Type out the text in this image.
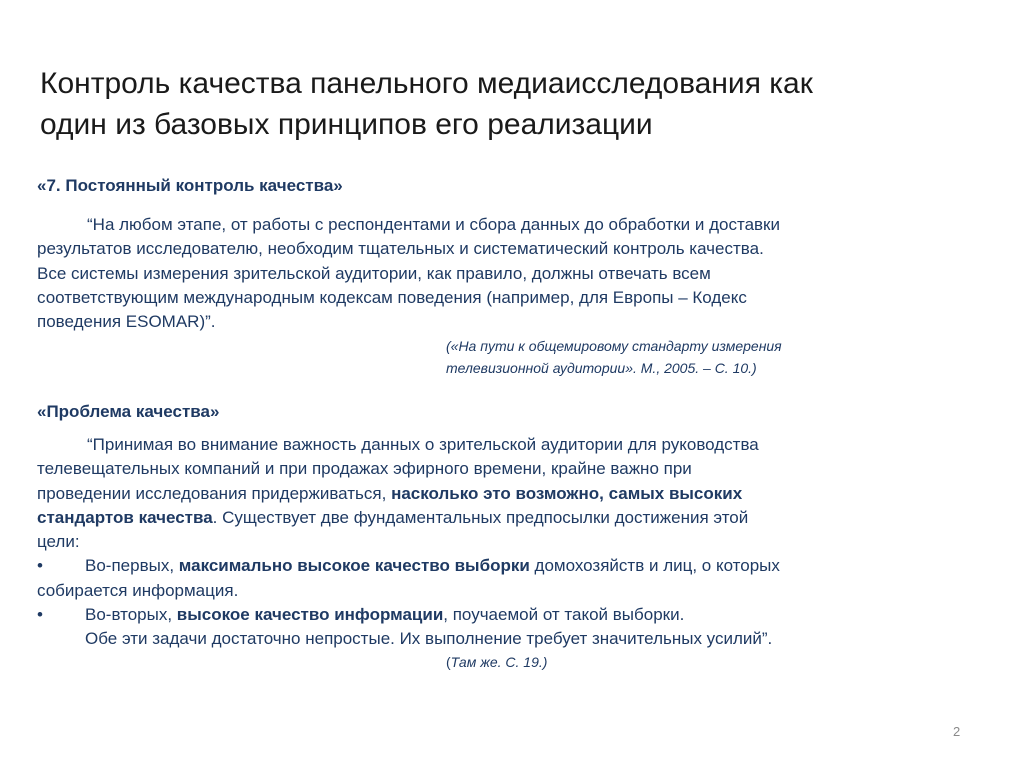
Контроль качества панельного медиаисследования как
один из базовых принципов его реализации
«7. Постоянный контроль качества»
“На любом этапе, от работы с респондентами и сбора данных до обработки и доставки
результатов исследователю, необходим тщательных и систематический контроль качества.
Все системы измерения зрительской аудитории, как правило, должны отвечать всем
соответствующим международным кодексам поведения (например, для Европы – Кодекс
поведения ESOMAR)”.
(«На пути к общемировому стандарту измерения
телевизионной аудитории». М., 2005. – С. 10.)
«Проблема качества»
“Принимая во внимание важность данных о зрительской аудитории для руководства
телевещательных компаний и при продажах эфирного времени, крайне важно при
проведении исследования придерживаться, насколько это возможно, самых высоких
стандартов качества. Существует две фундаментальных предпосылки достижения этой
цели:
•	Во-первых, максимально высокое качество выборки домохозяйств и лиц, о которых
собирается информация.
•	Во-вторых, высокое качество информации, поучаемой от такой выборки.
Обе эти задачи достаточно непростые. Их выполнение требует значительных усилий”.
(Там же. С. 19.)
2
